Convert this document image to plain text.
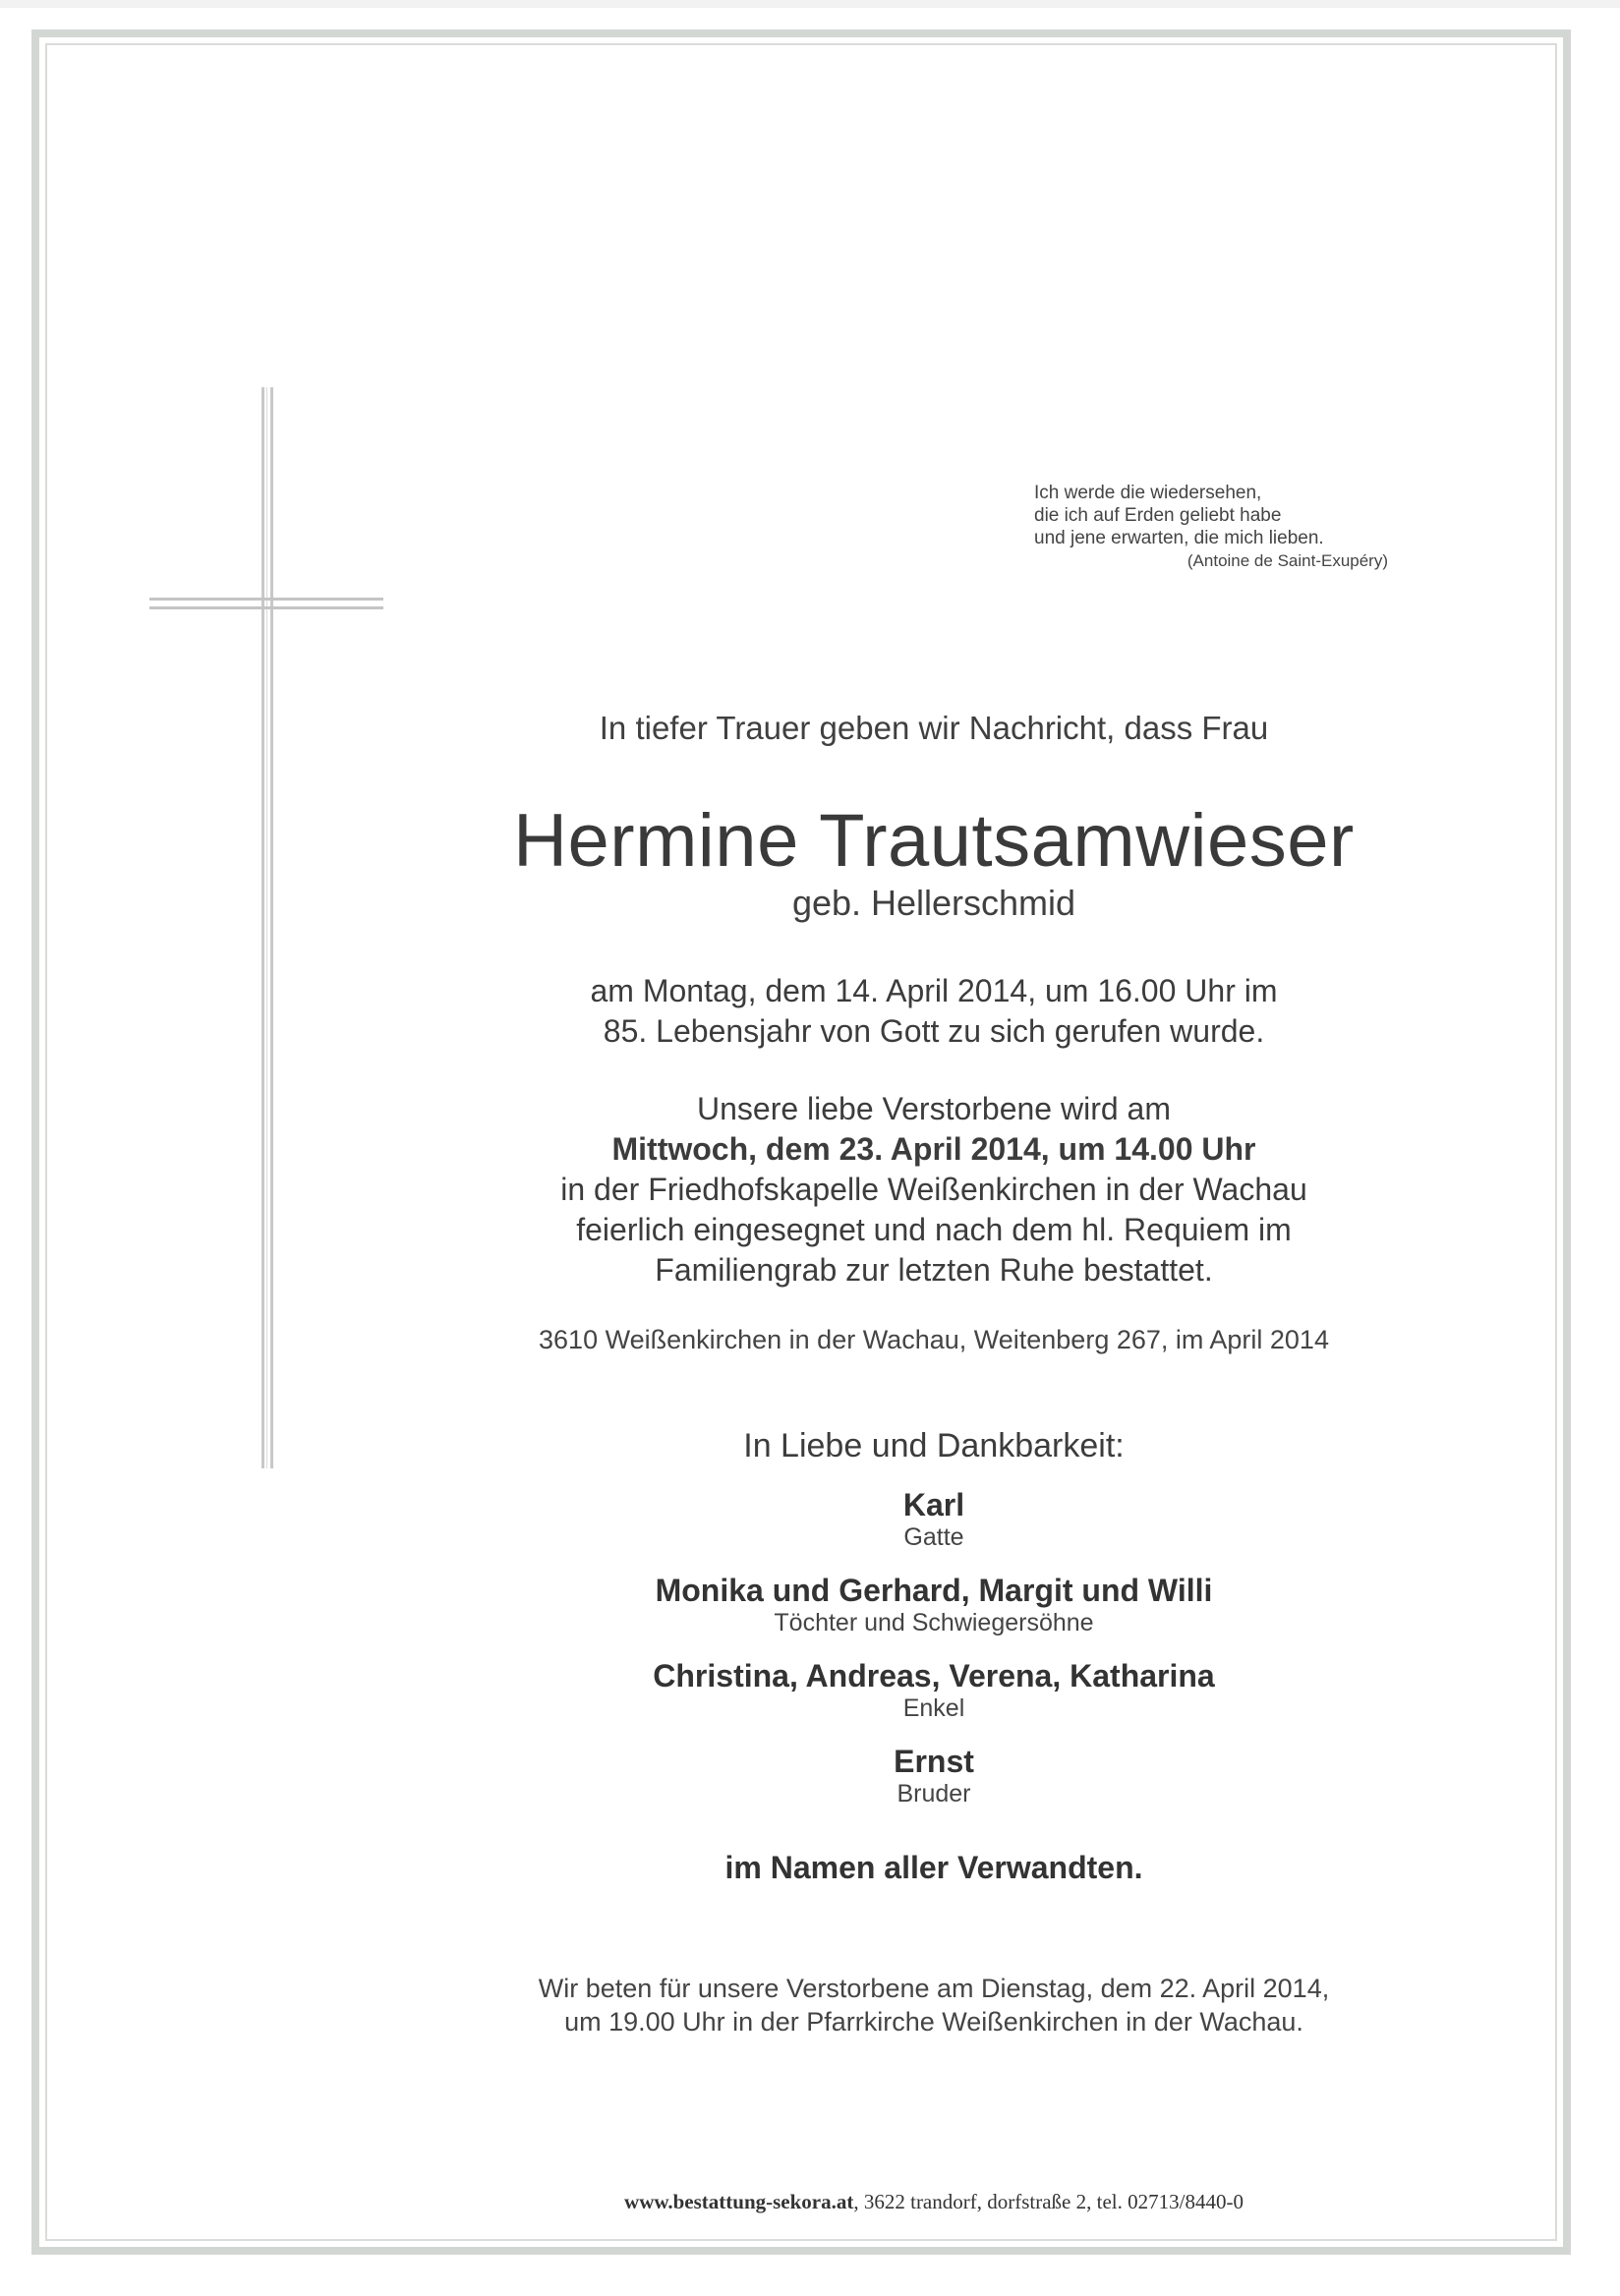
Ich werde die wiedersehen,
die ich auf Erden geliebt habe
und jene erwarten, die mich lieben.
(Antoine de Saint-Exupéry)
In tiefer Trauer geben wir Nachricht, dass Frau
Hermine Trautsamwieser
geb. Hellerschmid
am Montag, dem 14. April 2014, um 16.00 Uhr im
85. Lebensjahr von Gott zu sich gerufen wurde.
Unsere liebe Verstorbene wird am
Mittwoch, dem 23. April 2014, um 14.00 Uhr
in der Friedhofskapelle Weißenkirchen in der Wachau
feierlich eingesegnet und nach dem hl. Requiem im
Familiengrab zur letzten Ruhe bestattet.
3610 Weißenkirchen in der Wachau, Weitenberg 267, im April 2014
In Liebe und Dankbarkeit:
Karl
Gatte
Monika und Gerhard, Margit und Willi
Töchter und Schwiegersöhne
Christina, Andreas, Verena, Katharina
Enkel
Ernst
Bruder
im Namen aller Verwandten.
Wir beten für unsere Verstorbene am Dienstag, dem 22. April 2014,
um 19.00 Uhr in der Pfarrkirche Weißenkirchen in der Wachau.
www.bestattung-sekora.at, 3622 trandorf, dorfstraße 2, tel. 02713/8440-0
